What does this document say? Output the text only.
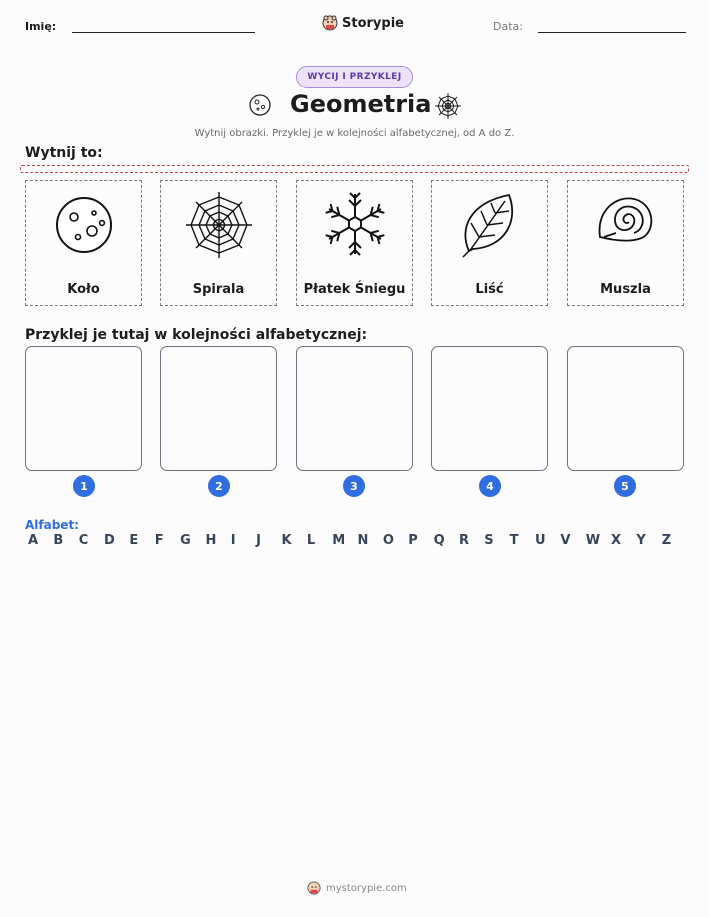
Imię:	Storypie	Data:
WYCIJ I PRZYKLEJ
Geometria
Wytnij obrazki. Przyklej je w kolejności alfabetycznej, od A do Z.
Wytnij to:
Koło	Spirala	Płatek Śniegu	Liść	Muszla
Przyklej je tutaj w kolejności alfabetycznej:
1	2	3	4	5
Alfabet:
A B C D E F G H I J K L M N O P Q R S T U V W X Y Z
mystorypie.com
